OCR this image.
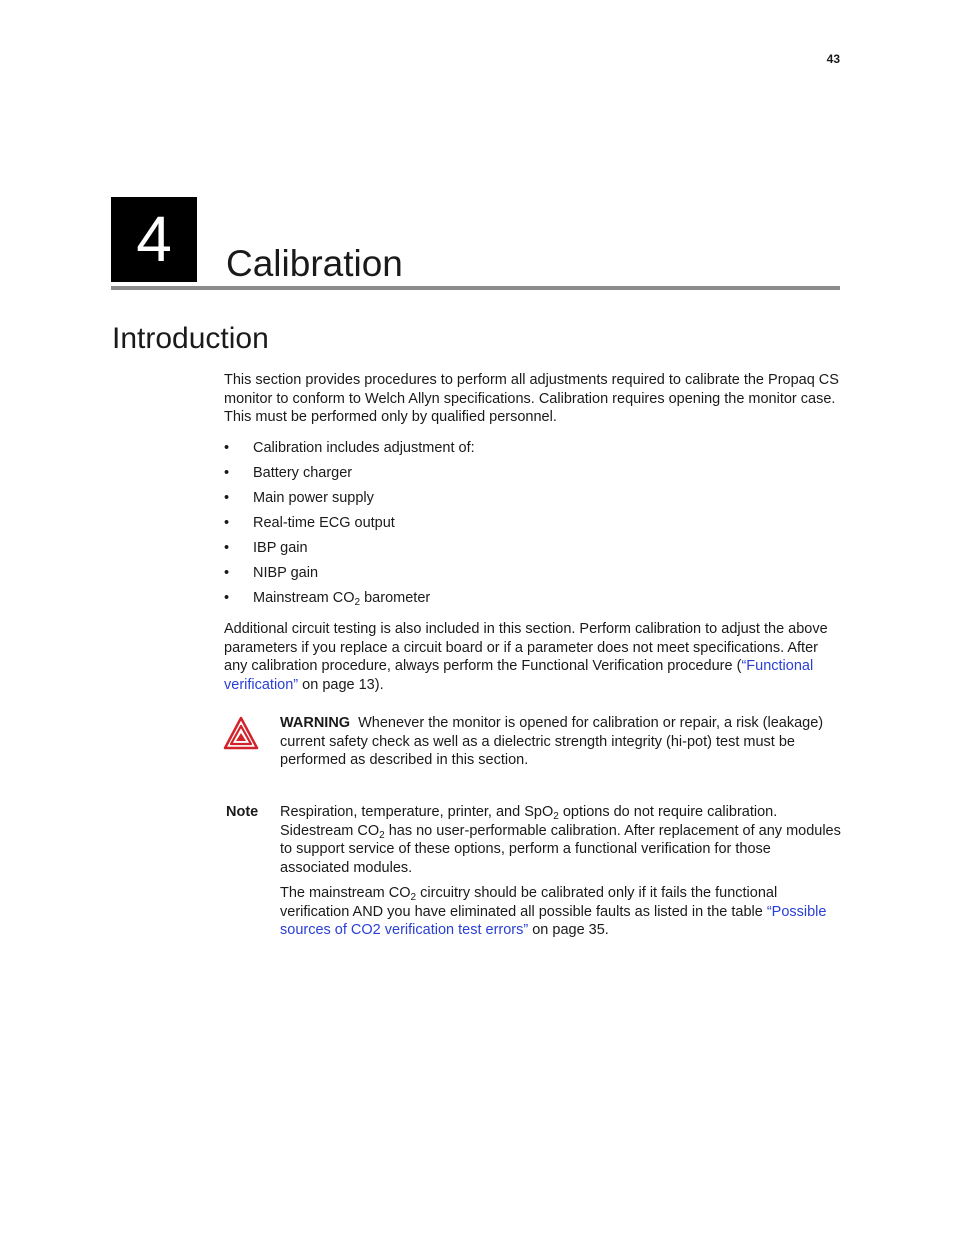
43
4	Calibration
Introduction
This section provides procedures to perform all adjustments required to calibrate the Propaq CS monitor to conform to Welch Allyn specifications. Calibration requires opening the monitor case. This must be performed only by qualified personnel.
• Calibration includes adjustment of:
• Battery charger
• Main power supply
• Real-time ECG output
• IBP gain
• NIBP gain
• Mainstream $CO_2$ barometer
Additional circuit testing is also included in this section. Perform calibration to adjust the above parameters if you replace a circuit board or if a parameter does not meet specifications. After any calibration procedure, always perform the Functional Verification procedure (“Functional verification” on page 13).
WARNING Whenever the monitor is opened for calibration or repair, a risk (leakage) current safety check as well as a dielectric strength integrity (hi-pot) test must be performed as described in this section.
Note Respiration, temperature, printer, and SpO$_2$ options do not require calibration. Sidestream $CO_2$ has no user-performable calibration. After replacement of any modules to support service of these options, perform a functional verification for those associated modules.
The mainstream $CO_2$ circuitry should be calibrated only if it fails the functional verification AND you have eliminated all possible faults as listed in the table “Possible sources of CO2 verification test errors” on page 35.
